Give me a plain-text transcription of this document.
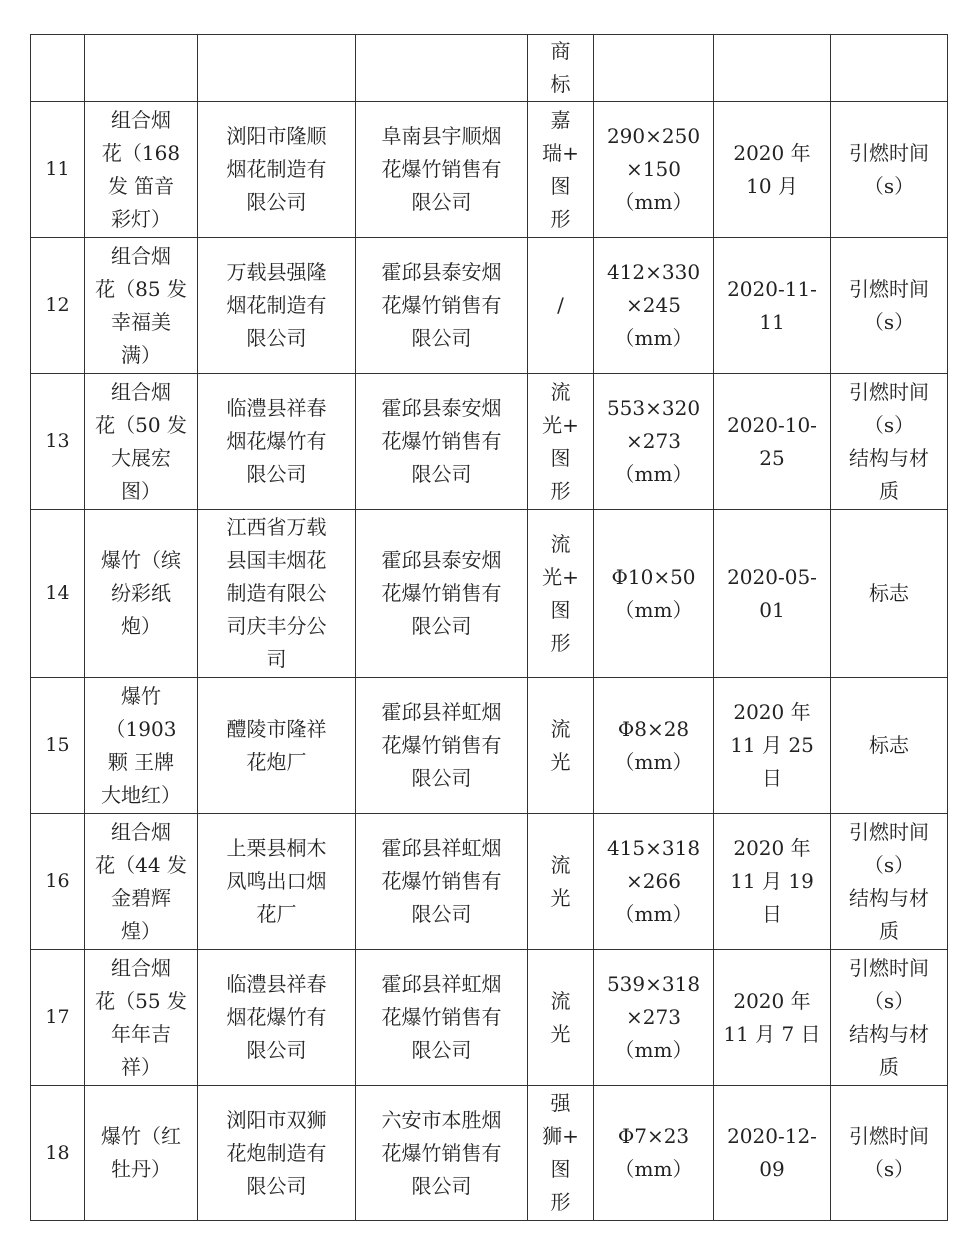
				商
标			
11	组合烟
花（168
发 笛音
彩灯）	浏阳市隆顺
烟花制造有
限公司	阜南县宇顺烟
花爆竹销售有
限公司	嘉
瑞+
图
形	290×250
×150
（mm）	2020 年
10 月	引燃时间
（s）
12	组合烟
花（85 发
幸福美
满）	万载县强隆
烟花制造有
限公司	霍邱县泰安烟
花爆竹销售有
限公司	/	412×330
×245
（mm）	2020-11-
11	引燃时间
（s）
13	组合烟
花（50 发
大展宏
图）	临澧县祥春
烟花爆竹有
限公司	霍邱县泰安烟
花爆竹销售有
限公司	流
光+
图
形	553×320
×273
（mm）	2020-10-
25	引燃时间
（s）
结构与材
质
14	爆竹（缤
纷彩纸
炮）	江西省万载
县国丰烟花
制造有限公
司庆丰分公
司	霍邱县泰安烟
花爆竹销售有
限公司	流
光+
图
形	Φ10×50
（mm）	2020-05-
01	标志
15	爆竹
（1903
颗 王牌
大地红）	醴陵市隆祥
花炮厂	霍邱县祥虹烟
花爆竹销售有
限公司	流
光	Φ8×28
（mm）	2020 年
11 月 25
日	标志
16	组合烟
花（44 发
金碧辉
煌）	上栗县桐木
凤鸣出口烟
花厂	霍邱县祥虹烟
花爆竹销售有
限公司	流
光	415×318
×266
（mm）	2020 年
11 月 19
日	引燃时间
（s）
结构与材
质
17	组合烟
花（55 发
年年吉
祥）	临澧县祥春
烟花爆竹有
限公司	霍邱县祥虹烟
花爆竹销售有
限公司	流
光	539×318
×273
（mm）	2020 年
11 月 7 日	引燃时间
（s）
结构与材
质
18	爆竹（红
牡丹）	浏阳市双狮
花炮制造有
限公司	六安市本胜烟
花爆竹销售有
限公司	强
狮+
图
形	Φ7×23
（mm）	2020-12-
09	引燃时间
（s）
